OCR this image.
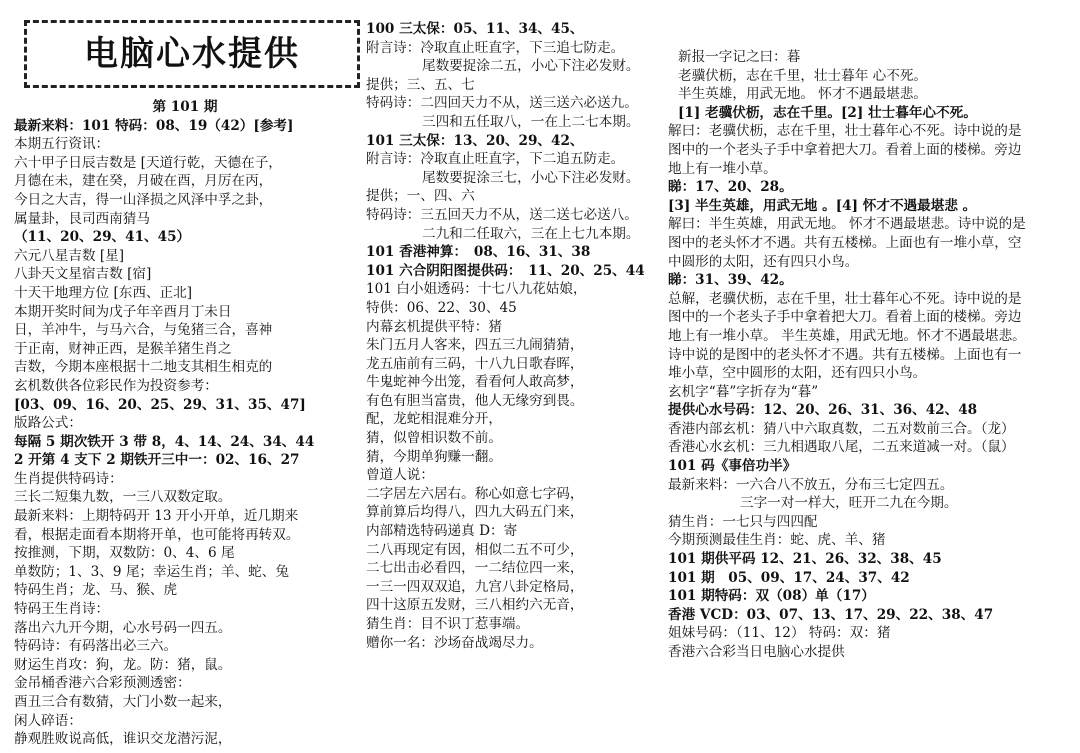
电脑心水提供
第 101 期
最新来料：101 特码：08、19（42）[参考]
本期五行资讯：
六十甲子日辰吉数是 [天道行乾，天德在子，
月德在未，建在癸，月破在酉，月厉在丙，
今日之大吉，得一山泽损之风泽中孚之卦，
属量卦，艮司西南猜马
（11、20、29、41、45）
六元八星吉数 [星]
八卦天文星宿吉数 [宿]
十天干地理方位 [东西、正北]
本期开奖时间为戊子年辛酉月丁未日
日，羊冲牛，与马六合，与兔猪三合，喜神
于正南，财神正西，是猴羊猪生肖之
吉数，今期本座根据十二地支其相生相克的
玄机数供各位彩民作为投资参考：
[03、09、16、20、25、29、31、35、47]
版路公式：
每隔 5 期次铁开 3 带 8，4、14、24、34、44
2 开第 4 支下 2 期铁开三中一：02、16、27
生肖提供特码诗：
三长二短集九数，一三八双数定取。
最新来料：上期特码开 13 开小开单，近几期来
看，根据走面看本期将开单，也可能将再转双。
按推测，下期，双数防：0、4、6 尾
单数防；1、3、9 尾；幸运生肖；羊、蛇、兔
特码生肖；龙、马、猴、虎
特码王生肖诗：
落出六九开今期，心水号码一四五。
特码诗：有码落出必三六。
财运生肖攻：狗，龙。防：猪，鼠。
金吊桶香港六合彩预测透密：
酉丑三合有数猜，大门小数一起来，
闲人碎语：
静观胜败说高低，谁识交龙潜污泥，
100 三太保：05、11、34、45、
附言诗：冷取直止旺直字，下三追七防走。
尾数要捉涂二五，小心下注必发财。
提供；三、五、七
特码诗：二四回天力不从，送三送六必送九。
三四和五任取八，一在上二七本期。
101 三太保：13、20、29、42、
附言诗：冷取直止旺直字，下二追五防走。
尾数要捉涂三七，小心下注必发财。
提供；一、四、六
特码诗：三五回天力不从，送二送七必送八。
二九和二任取六，三在上七九本期。
101 香港神算：　08、16、31、38
101 六合阴阳图提供码：　11、20、25、44
101 白小姐透码：十七八九花姑娘，
特供：06、22、30、45
内幕玄机提供平特：猪
朱门五月人客来，四五三九闹猜猜，
龙五庙前有三码，十八九日歌春晖，
牛鬼蛇神今出笼，看看何人敢高梦，
有色有胆当富贵，他人无缘穷到畏。
配，龙蛇相混难分开，
猜，似曾相识数不前。
猜，今期单狗赚一翻。
曾道人说：
二字居左六居右。称心如意七字码，
算前算后均得八，四九大码五门来，
内部精选特码递真 D：寄
二八再现定有因，相似二五不可少，
二七出击必看四，一二结位四一来，
一三一四双双追，九宫八卦定格局，
四十这原五发财，三八相约六无音，
猜生肖：目不识丁惹事端。
赠你一名：沙场奋战竭尽力。
新报一字记之曰：暮
老骥伏枥，志在千里，壮士暮年 心不死。
半生英雄，用武无地。 怀才不遇最堪悲。
[1] 老骥伏枥，志在千里。[2] 壮士暮年心不死。
解曰：老骥伏枥，志在千里，壮士暮年心不死。诗中说的是
图中的一个老头子手中拿着把大刀。看着上面的楼梯。旁边
地上有一堆小草。
睇：17、20、28。
[3] 半生英雄，用武无地 。[4] 怀才不遇最堪悲 。
解曰：半生英雄，用武无地。 怀才不遇最堪悲。诗中说的是
图中的老头怀才不遇。共有五楼梯。上面也有一堆小草，空
中圆形的太阳，还有四只小鸟。
睇：31、39、42。
总解，老骥伏枥，志在千里，壮士暮年心不死。诗中说的是
图中的一个老头子手中拿着把大刀。看着上面的楼梯。旁边
地上有一堆小草。 半生英雄，用武无地。怀才不遇最堪悲。
诗中说的是图中的老头怀才不遇。共有五楼梯。上面也有一
堆小草，空中圆形的太阳，还有四只小鸟。
玄机字“暮”字折存为“暮”
提供心水号码：12、20、26、31、36、42、48
香港内部玄机：猜八中六取真数，二五对数前三合。（龙）
香港心水玄机：三九相遇取八尾，二五来道减一对。（鼠）
101 码《事倍功半》
最新来料：一六合八不放五，分布三七定四五。
三字一对一样大，旺开二九在今期。
猜生肖：一七只与四四配
今期预测最佳生肖：蛇、虎、羊、猪
101 期供平码 12、21、26、32、38、45
101 期　05、09、17、24、37、42
101 期特码：双（08）单（17）
香港 VCD：03、07、13、17、29、22、38、47
姐妹号码：（11、12） 特码：双：猪
香港六合彩当日电脑心水提供
